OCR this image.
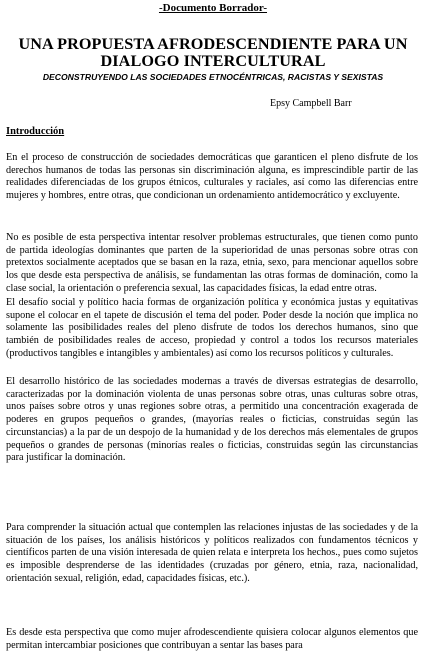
-Documento Borrador-
UNA PROPUESTA AFRODESCENDIENTE PARA UN
DIALOGO INTERCULTURAL
DECONSTRUYENDO LAS SOCIEDADES ETNOCÉNTRICAS, RACISTAS Y SEXISTAS
Epsy Campbell Barr
Introducción

En el proceso de construcción de sociedades democráticas que garanticen el pleno disfrute de los derechos humanos de todas las personas sin discriminación alguna, es imprescindible partir de las realidades diferenciadas de los grupos étnicos, culturales y raciales, así como las diferencias entre mujeres y hombres, entre otras, que condicionan un ordenamiento antidemocrático y excluyente.

No es posible de esta perspectiva intentar resolver problemas estructurales, que tienen como punto de partida ideologías dominantes que parten de la superioridad de unas personas sobre otras con pretextos socialmente aceptados que se basan en la raza, etnia, sexo, para mencionar aquellos sobre los que desde esta perspectiva de análisis, se fundamentan las otras formas de dominación, como la clase social, la orientación o preferencia sexual, las capacidades físicas, la edad entre otras.

El desafío social y político hacia formas de organización política y económica justas y equitativas supone el colocar en el tapete de discusión el tema del poder. Poder desde la noción que implica no solamente las posibilidades reales del pleno disfrute de todos los derechos humanos, sino que también de posibilidades reales de acceso, propiedad y control a todos los recursos materiales (productivos tangibles e intangibles y ambientales) así como los recursos políticos y culturales.

El desarrollo histórico de las sociedades modernas a través de diversas estrategias de desarrollo, caracterizadas por la dominación violenta de unas personas sobre otras, unas culturas sobre otras, unos países sobre otros y unas regiones sobre otras, a permitido una concentración exagerada de poderes en grupos pequeños o grandes, (mayorías reales o ficticias, construidas según las circunstancias) a la par de un despojo de la humanidad y de los derechos más elementales de grupos pequeños o grandes de personas (minorías reales o ficticias, construidas según las circunstancias para justificar la dominación.

Para comprender la situación actual que contemplen las relaciones injustas de las sociedades y de la situación de los países, los análisis históricos y políticos realizados con fundamentos técnicos y científicos parten de una visión interesada de quien relata e interpreta los hechos., pues como sujetos es imposible desprenderse de las identidades (cruzadas por género, etnia, raza, nacionalidad, orientación sexual, religión, edad, capacidades físicas, etc.).

Es desde esta perspectiva que como mujer afrodescendiente quisiera colocar algunos elementos que permitan intercambiar posiciones que contribuyan a sentar las bases para
